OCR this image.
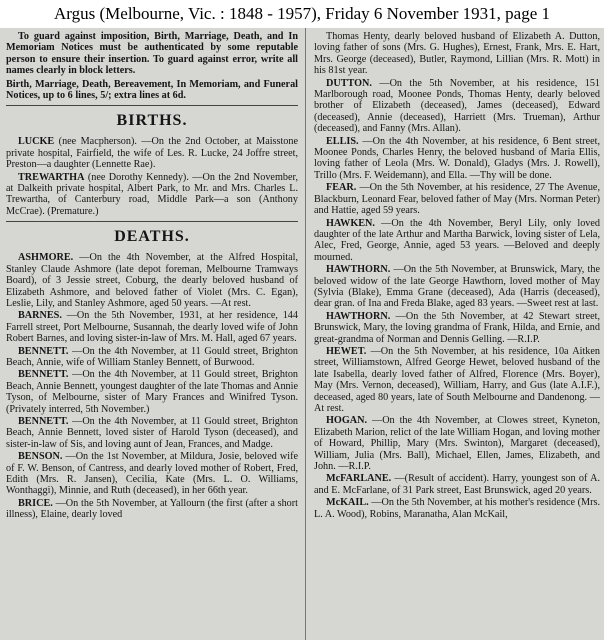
Argus (Melbourne, Vic. : 1848 - 1957), Friday 6 November 1931, page 1

To guard against imposition, Birth, Marriage, Death, and In Memoriam Notices must be authenticated by some reputable person to ensure their insertion. To guard against error, write all names clearly in block letters.

Birth, Marriage, Death, Bereavement, In Memoriam, and Funeral Notices, up to 6 lines, 5/; extra lines at 6d.

BIRTHS.

LUCKE (nee Macpherson). —On the 2nd October, at Maisstone private hospital, Fairfield, the wife of Les. R. Lucke, 24 Joffre street, Preston—a daughter (Lennette Rae).

TREWARTHA (nee Dorothy Kennedy). —On the 2nd November, at Dalkeith private hospital, Albert Park, to Mr. and Mrs. Charles L. Trewartha, of Canterbury road, Middle Park—a son (Anthony McCrae). (Premature.)

DEATHS.

ASHMORE. —On the 4th November, at the Alfred Hospital, Stanley Claude Ashmore (late depot foreman, Melbourne Tramways Board), of 3 Jessie street, Coburg, the dearly beloved husband of Elizabeth Ashmore, and beloved father of Violet (Mrs. C. Egan), Leslie, Lily, and Stanley Ashmore, aged 50 years. —At rest.

BARNES. —On the 5th November, 1931, at her residence, 144 Farrell street, Port Melbourne, Susannah, the dearly loved wife of John Robert Barnes, and loving sister-in-law of Mrs. M. Hall, aged 67 years.

BENNETT. —On the 4th November, at 11 Gould street, Brighton Beach, Annie, wife of William Stanley Bennett, of Burwood.

BENNETT. —On the 4th November, at 11 Gould street, Brighton Beach, Annie Bennett, youngest daughter of the late Thomas and Annie Tyson, of Melbourne, sister of Mary Frances and Winifred Tyson. (Privately interred, 5th November.)

BENNETT. —On the 4th November, at 11 Gould street, Brighton Beach, Annie Bennett, loved sister of Harold Tyson (deceased), and sister-in-law of Sis, and loving aunt of Jean, Frances, and Madge.

BENSON. —On the 1st November, at Mildura, Josie, beloved wife of F. W. Benson, of Cantress, and dearly loved mother of Robert, Fred, Edith (Mrs. R. Jansen), Cecilia, Kate (Mrs. L. O. Williams, Wonthaggi), Minnie, and Ruth (deceased), in her 66th year.

BRICE. —On the 5th November, at Yallourn (the first (after a short illness), Elaine, dearly loved

Thomas Henty, dearly beloved husband of Elizabeth A. Dutton, loving father of sons (Mrs. G. Hughes), Ernest, Frank, Mrs. E. Hart, Mrs. George (deceased), Butler, Raymond, Lillian (Mrs. R. Mott) in his 81st year.

DUTTON. —On the 5th November, at his residence, 151 Marlborough road, Moonee Ponds, Thomas Henty, dearly beloved brother of Elizabeth (deceased), James (deceased), Edward (deceased), Annie (deceased), Harriett (Mrs. Trueman), Arthur (deceased), and Fanny (Mrs. Allan).

ELLIS. —On the 4th November, at his residence, 6 Bent street, Moonee Ponds, Charles Henry, the beloved husband of Maria Ellis, loving father of Leola (Mrs. W. Donald), Gladys (Mrs. J. Rowell), Trillo (Mrs. F. Weidemann), and Ella. —Thy will be done.

FEAR. —On the 5th November, at his residence, 27 The Avenue, Blackburn, Leonard Fear, beloved father of May (Mrs. Norman Peter) and Hattie, aged 59 years.

HAWKEN. —On the 4th November, Beryl Lily, only loved daughter of the late Arthur and Martha Barwick, loving sister of Lela, Alec, Fred, George, Annie, aged 53 years. —Beloved and deeply mourned.

HAWTHORN. —On the 5th November, at Brunswick, Mary, the beloved widow of the late George Hawthorn, loved mother of May (Sylvia (Blake), Emma Grane (deceased), Ada (Harris (deceased), dear gran. of Ina and Freda Blake, aged 83 years. —Sweet rest at last.

HAWTHORN. —On the 5th November, at 42 Stewart street, Brunswick, Mary, the loving grandma of Frank, Hilda, and Ernie, and great-grandma of Norman and Dennis Gelling. —R.I.P.

HEWET. —On the 5th November, at his residence, 10a Aitken street, Williamstown, Alfred George Hewet, beloved husband of the late Isabella, dearly loved father of Alfred, Florence (Mrs. Boyer), May (Mrs. Vernon, deceased), William, Harry, and Gus (late A.I.F.), deceased, aged 80 years, late of South Melbourne and Dandenong. —At rest.

HOGAN. —On the 4th November, at Clowes street, Kyneton, Elizabeth Marion, relict of the late William Hogan, and loving mother of Howard, Phillip, Mary (Mrs. Swinton), Margaret (deceased), William, Julia (Mrs. Ball), Michael, Ellen, James, Elizabeth, and John. —R.I.P.

McFARLANE. —(Result of accident). Harry, youngest son of A. and E. McFarlane, of 31 Park street, East Brunswick, aged 20 years.

McKAIL. —On the 5th November, at his mother's residence (Mrs. L. A. Wood), Robins, Maranatha, Alan McKail,
